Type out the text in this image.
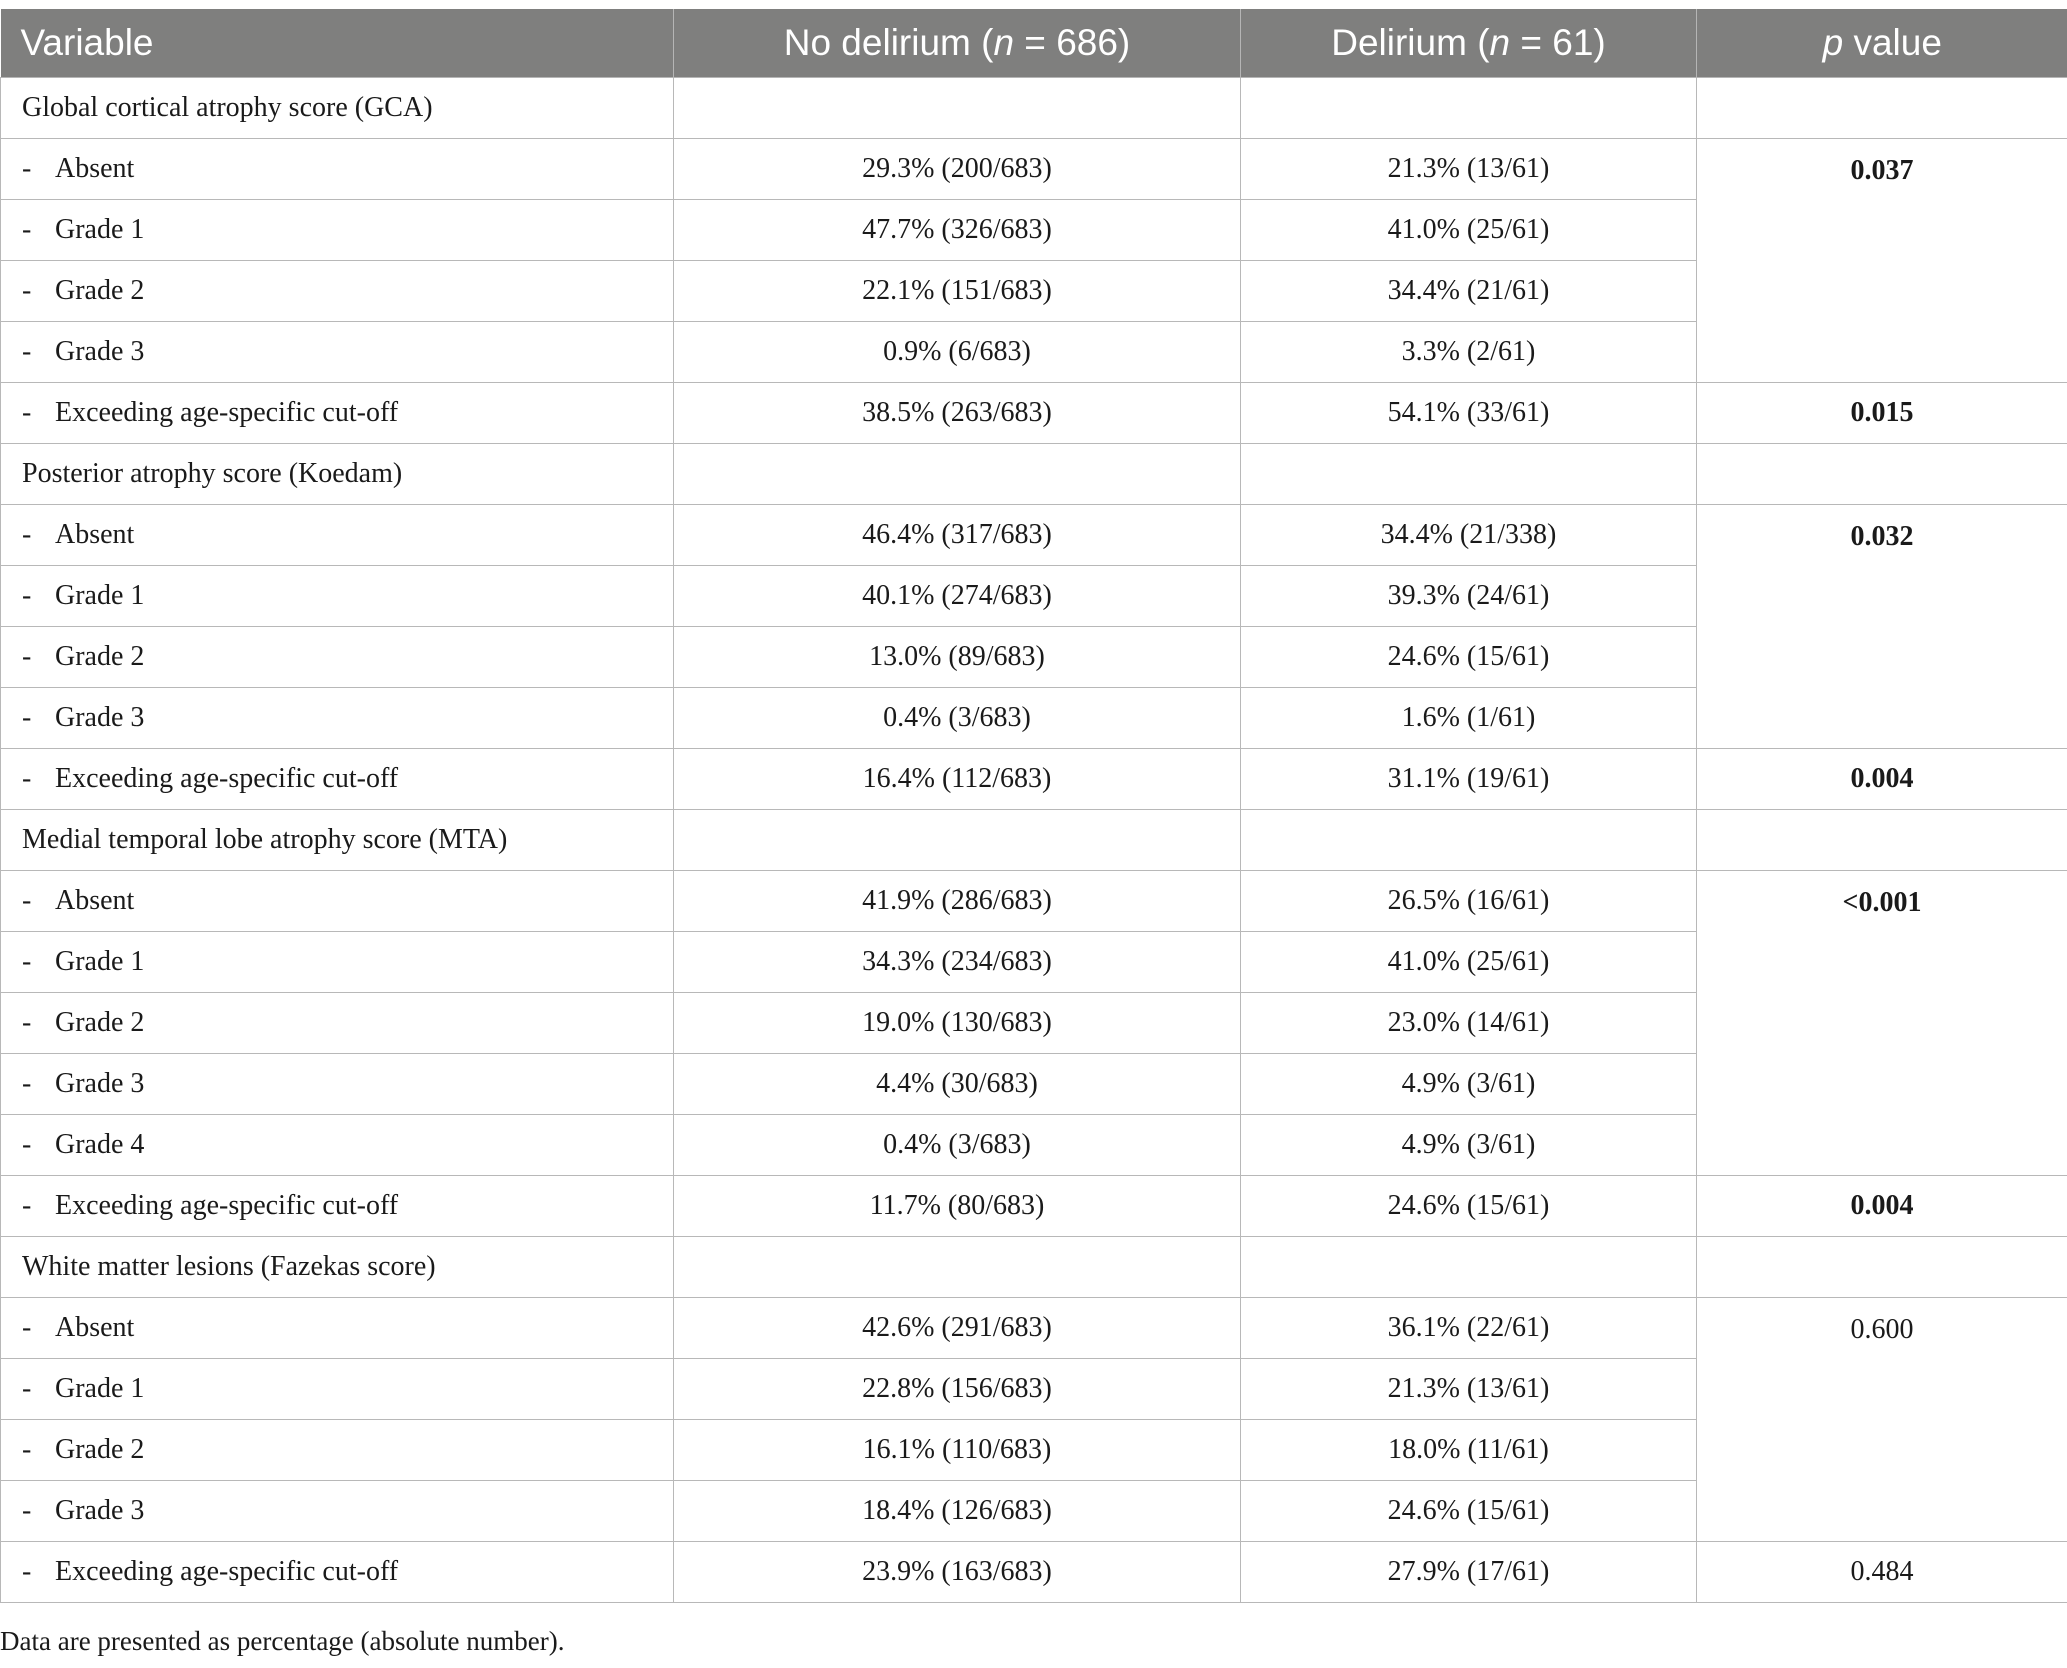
Variable	No delirium (n = 686)	Delirium (n = 61)	p value
Global cortical atrophy score (GCA)			
- Absent	29.3% (200/683)	21.3% (13/61)	0.037
- Grade 1	47.7% (326/683)	41.0% (25/61)	
- Grade 2	22.1% (151/683)	34.4% (21/61)	
- Grade 3	0.9% (6/683)	3.3% (2/61)	
- Exceeding age-specific cut-off	38.5% (263/683)	54.1% (33/61)	0.015
Posterior atrophy score (Koedam)			
- Absent	46.4% (317/683)	34.4% (21/338)	0.032
- Grade 1	40.1% (274/683)	39.3% (24/61)	
- Grade 2	13.0% (89/683)	24.6% (15/61)	
- Grade 3	0.4% (3/683)	1.6% (1/61)	
- Exceeding age-specific cut-off	16.4% (112/683)	31.1% (19/61)	0.004
Medial temporal lobe atrophy score (MTA)			
- Absent	41.9% (286/683)	26.5% (16/61)	<0.001
- Grade 1	34.3% (234/683)	41.0% (25/61)	
- Grade 2	19.0% (130/683)	23.0% (14/61)	
- Grade 3	4.4% (30/683)	4.9% (3/61)	
- Grade 4	0.4% (3/683)	4.9% (3/61)	
- Exceeding age-specific cut-off	11.7% (80/683)	24.6% (15/61)	0.004
White matter lesions (Fazekas score)			
- Absent	42.6% (291/683)	36.1% (22/61)	0.600
- Grade 1	22.8% (156/683)	21.3% (13/61)	
- Grade 2	16.1% (110/683)	18.0% (11/61)	
- Grade 3	18.4% (126/683)	24.6% (15/61)	
- Exceeding age-specific cut-off	23.9% (163/683)	27.9% (17/61)	0.484
Data are presented as percentage (absolute number).
